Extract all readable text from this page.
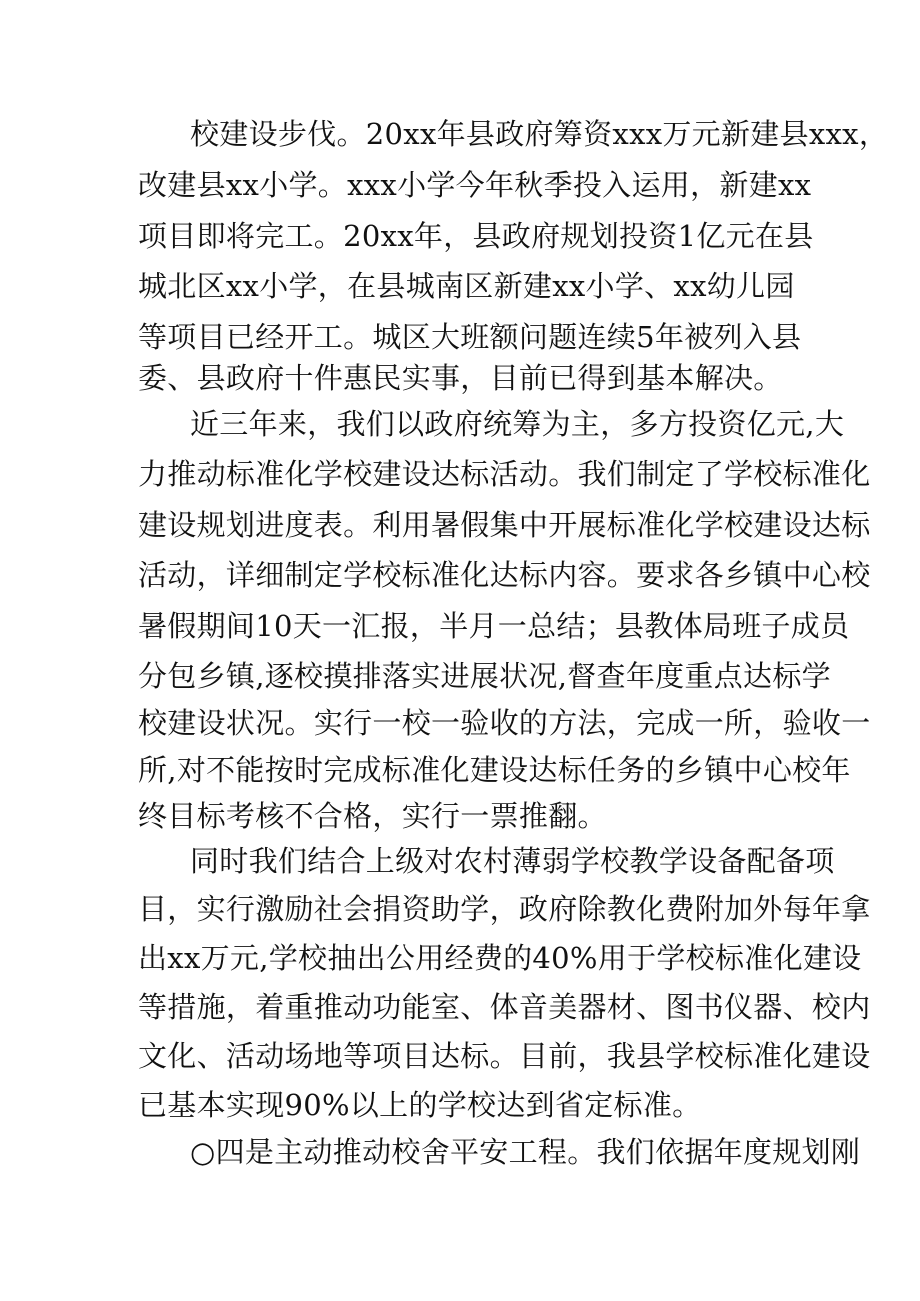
校建设步伐。20xx年县政府筹资xxx万元新建县xxx，
改建县xx小学。xxx小学今年秋季投入运用，新建xx
项目即将完工。20xx年，县政府规划投资1亿元在县
城北区xx小学，在县城南区新建xx小学、xx幼儿园
等项目已经开工。城区大班额问题连续5年被列入县
委、县政府十件惠民实事，目前已得到基本解决。
近三年来，我们以政府统筹为主，多方投资亿元,大
力推动标准化学校建设达标活动。我们制定了学校标准化
建设规划进度表。利用暑假集中开展标准化学校建设达标
活动，详细制定学校标准化达标内容。要求各乡镇中心校
暑假期间10天一汇报，半月一总结；县教体局班子成员
分包乡镇,逐校摸排落实进展状况,督查年度重点达标学
校建设状况。实行一校一验收的方法，完成一所，验收一
所,对不能按时完成标准化建设达标任务的乡镇中心校年
终目标考核不合格，实行一票推翻。
同时我们结合上级对农村薄弱学校教学设备配备项
目，实行激励社会捐资助学，政府除教化费附加外每年拿
出xx万元,学校抽出公用经费的40%用于学校标准化建设
等措施，着重推动功能室、体音美器材、图书仪器、校内
文化、活动场地等项目达标。目前，我县学校标准化建设
已基本实现90%以上的学校达到省定标准。
○四是主动推动校舍平安工程。我们依据年度规划刚
